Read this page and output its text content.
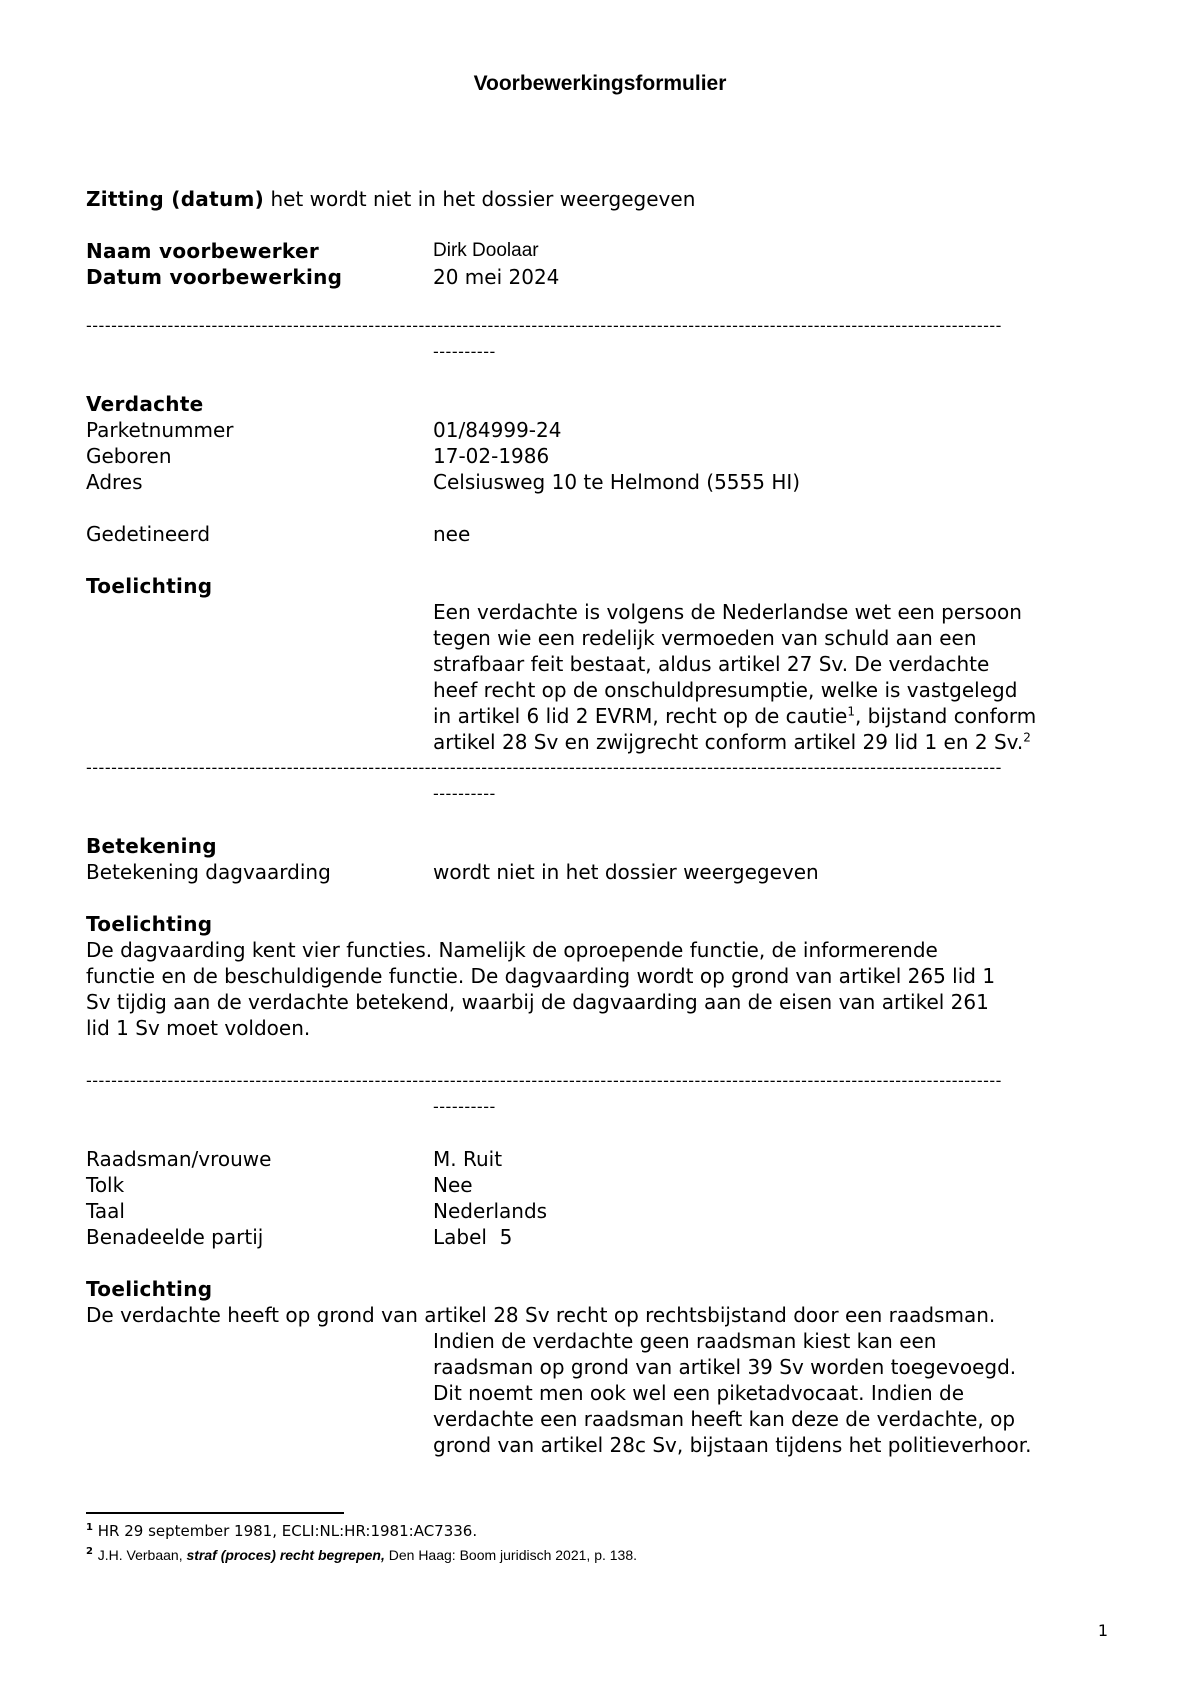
Voorbewerkingsformulier
Zitting (datum) het wordt niet in het dossier weergegeven
Naam voorbewerker	Dirk Doolaar
Datum voorbewerking	20 mei 2024
--------------------------------------------------------------------------------------------------------------------------------------------------
----------
Verdachte
Parketnummer	01/84999-24
Geboren	17-02-1986
Adres	Celsiusweg 10 te Helmond (5555 HI)
Gedetineerd	nee
Toelichting
Een verdachte is volgens de Nederlandse wet een persoon
tegen wie een redelijk vermoeden van schuld aan een
strafbaar feit bestaat, aldus artikel 27 Sv. De verdachte
heef recht op de onschuldpresumptie, welke is vastgelegd
in artikel 6 lid 2 EVRM, recht op de cautie$^1$, bijstand conform
artikel 28 Sv en zwijgrecht conform artikel 29 lid 1 en 2 Sv.$^2$
--------------------------------------------------------------------------------------------------------------------------------------------------
----------
Betekening
Betekening dagvaarding	wordt niet in het dossier weergegeven
Toelichting
De dagvaarding kent vier functies. Namelijk de oproepende functie, de informerende
functie en de beschuldigende functie. De dagvaarding wordt op grond van artikel 265 lid 1
Sv tijdig aan de verdachte betekend, waarbij de dagvaarding aan de eisen van artikel 261
lid 1 Sv moet voldoen.
--------------------------------------------------------------------------------------------------------------------------------------------------
----------
Raadsman/vrouwe	M. Ruit
Tolk	Nee
Taal	Nederlands
Benadeelde partij	Label  5
Toelichting
De verdachte heeft op grond van artikel 28 Sv recht op rechtsbijstand door een raadsman.
Indien de verdachte geen raadsman kiest kan een
raadsman op grond van artikel 39 Sv worden toegevoegd.
Dit noemt men ook wel een piketadvocaat. Indien de
verdachte een raadsman heeft kan deze de verdachte, op
grond van artikel 28c Sv, bijstaan tijdens het politieverhoor.
$^1$ HR 29 september 1981, ECLI:NL:HR:1981:AC7336.
$^2$ J.H. Verbaan, straf (proces) recht begrepen, Den Haag: Boom juridisch 2021, p. 138.
1
